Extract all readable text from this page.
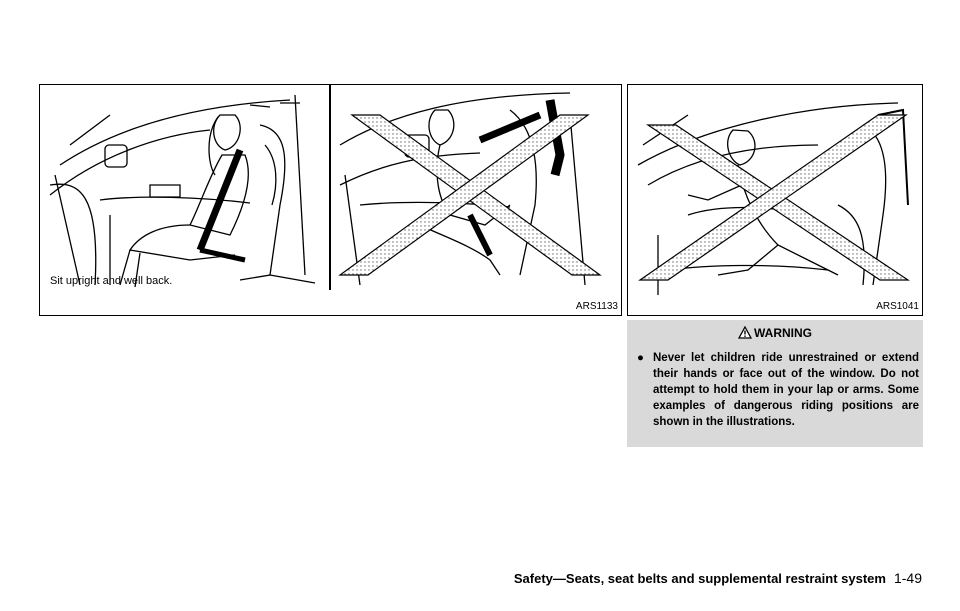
Sit upright and well back.
ARS1133	ARS1041
WARNING
● Never let children ride unrestrained or extend their hands or face out of the window. Do not attempt to hold them in your lap or arms. Some examples of dangerous riding positions are shown in the illustrations.
Safety—Seats, seat belts and supplemental restraint system 1-49
